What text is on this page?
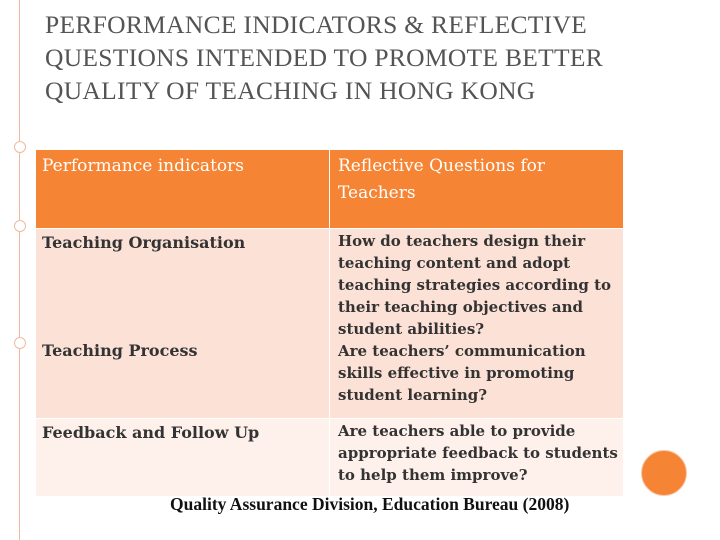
PERFORMANCE INDICATORS & REFLECTIVE QUESTIONS INTENDED TO PROMOTE BETTER QUALITY OF TEACHING IN HONG KONG
Performance indicators	Reflective Questions for Teachers
Teaching Organisation
Teaching Process
How do teachers design their teaching content and adopt teaching strategies according to their teaching objectives and student abilities?
Are teachers’ communication skills effective in promoting student learning?
Feedback and Follow Up	Are teachers able to provide appropriate feedback to students to help them improve?
Quality Assurance Division, Education Bureau (2008)
